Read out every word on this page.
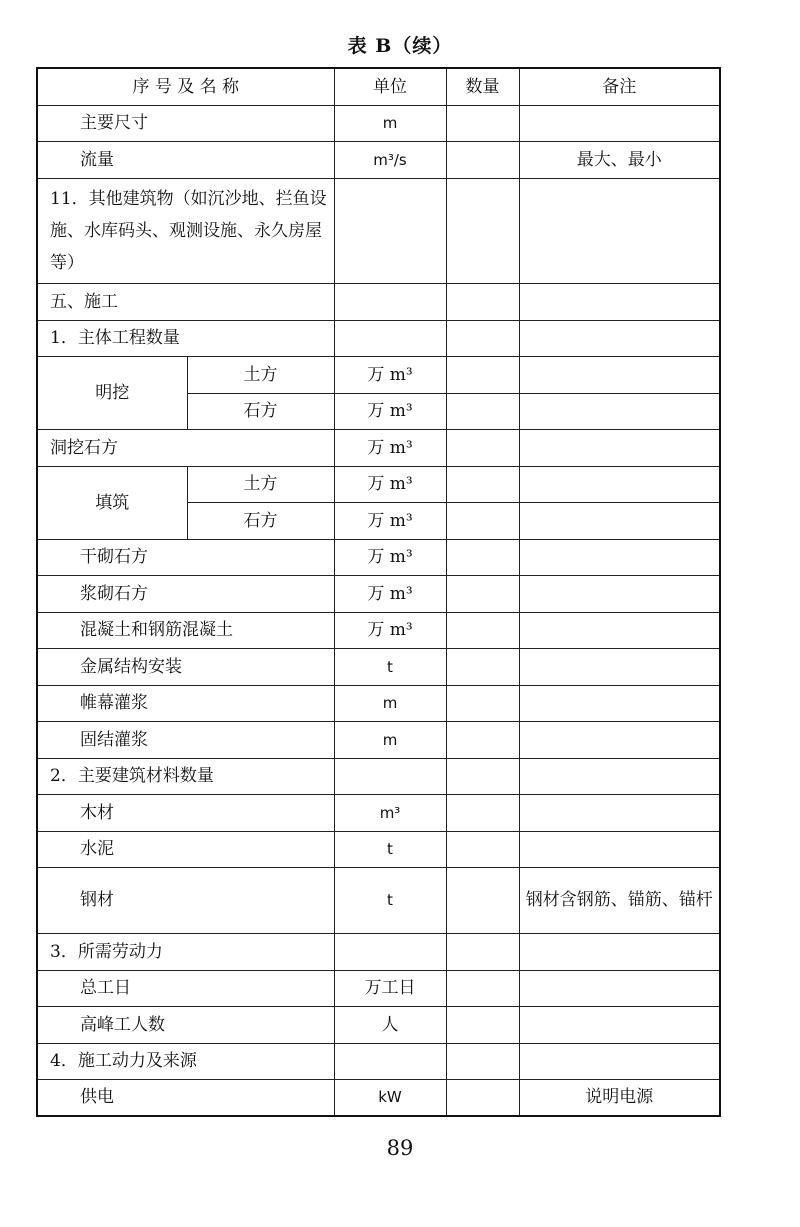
表 B（续）
序 号 及 名 称		单位	数量	备注
主要尺寸		m		
流量		m³/s		最大、最小
11．其他建筑物（如沉沙地、拦鱼设施、水库码头、观测设施、永久房屋等）				
五、施工				
1．主体工程数量				
明挖	土方	万 m³		
	石方	万 m³		
洞挖石方		万 m³		
填筑	土方	万 m³		
	石方	万 m³		
干砌石方		万 m³		
浆砌石方		万 m³		
混凝土和钢筋混凝土		万 m³		
金属结构安装		t		
帷幕灌浆		m		
固结灌浆		m		
2．主要建筑材料数量				
木材		m³		
水泥		t		
钢材		t		钢材含钢筋、锚筋、锚杆
3．所需劳动力				
总工日		万工日		
高峰工人数		人		
4．施工动力及来源				
供电		kW		说明电源
89
